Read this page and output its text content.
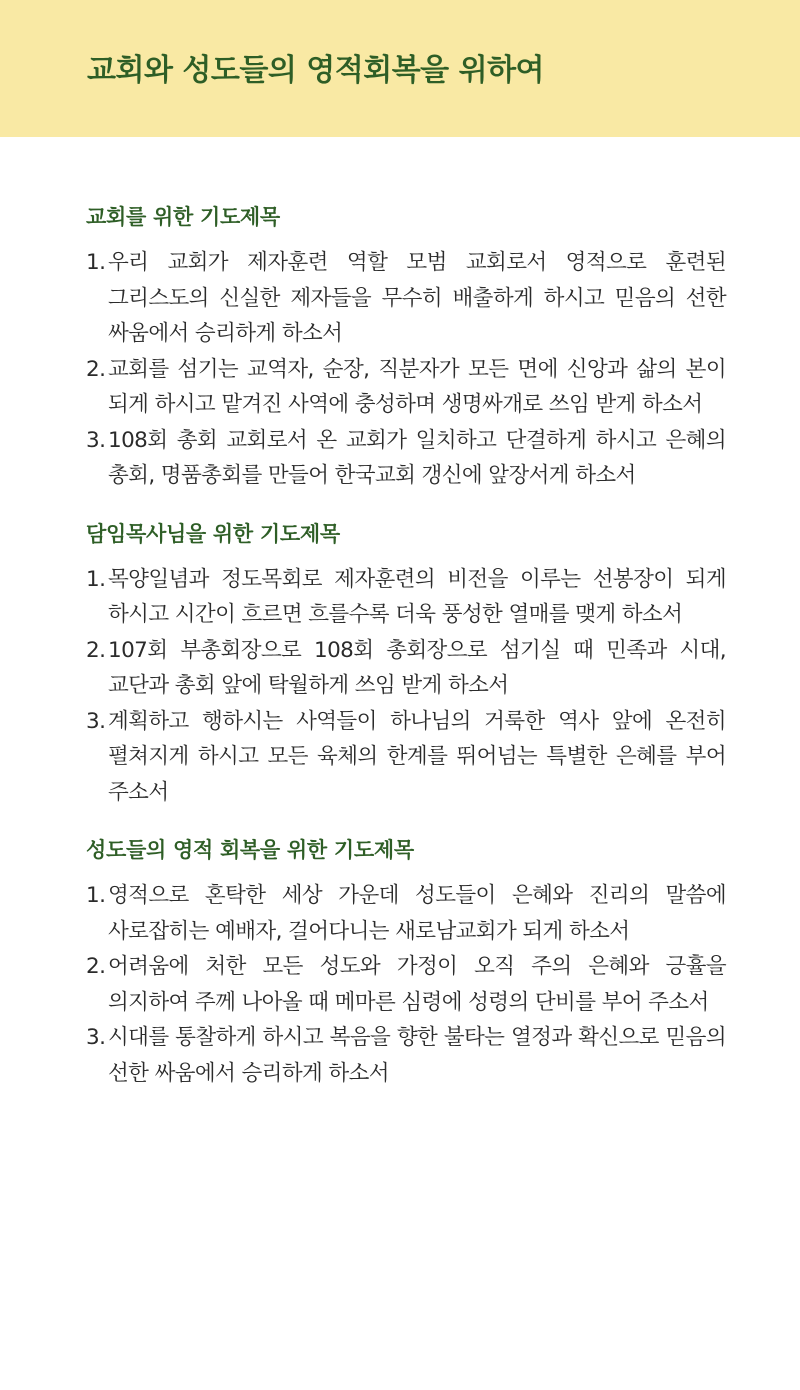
교회와 성도들의 영적회복을 위하여
교회를 위한 기도제목
1. 우리 교회가 제자훈련 역할 모범 교회로서 영적으로 훈련된 그리스도의 신실한 제자들을 무수히 배출하게 하시고 믿음의 선한 싸움에서 승리하게 하소서
2. 교회를 섬기는 교역자, 순장, 직분자가 모든 면에 신앙과 삶의 본이 되게 하시고 맡겨진 사역에 충성하며 생명싸개로 쓰임 받게 하소서
3. 108회 총회 교회로서 온 교회가 일치하고 단결하게 하시고 은혜의 총회, 명품총회를 만들어 한국교회 갱신에 앞장서게 하소서
담임목사님을 위한 기도제목
1. 목양일념과 정도목회로 제자훈련의 비전을 이루는 선봉장이 되게 하시고 시간이 흐르면 흐를수록 더욱 풍성한 열매를 맺게 하소서
2. 107회 부총회장으로 108회 총회장으로 섬기실 때 민족과 시대, 교단과 총회 앞에 탁월하게 쓰임 받게 하소서
3. 계획하고 행하시는 사역들이 하나님의 거룩한 역사 앞에 온전히 펼쳐지게 하시고 모든 육체의 한계를 뛰어넘는 특별한 은혜를 부어 주소서
성도들의 영적 회복을 위한 기도제목
1. 영적으로 혼탁한 세상 가운데 성도들이 은혜와 진리의 말씀에 사로잡히는 예배자, 걸어다니는 새로남교회가 되게 하소서
2. 어려움에 처한 모든 성도와 가정이 오직 주의 은혜와 긍휼을 의지하여 주께 나아올 때 메마른 심령에 성령의 단비를 부어 주소서
3. 시대를 통찰하게 하시고 복음을 향한 불타는 열정과 확신으로 믿음의 선한 싸움에서 승리하게 하소서
